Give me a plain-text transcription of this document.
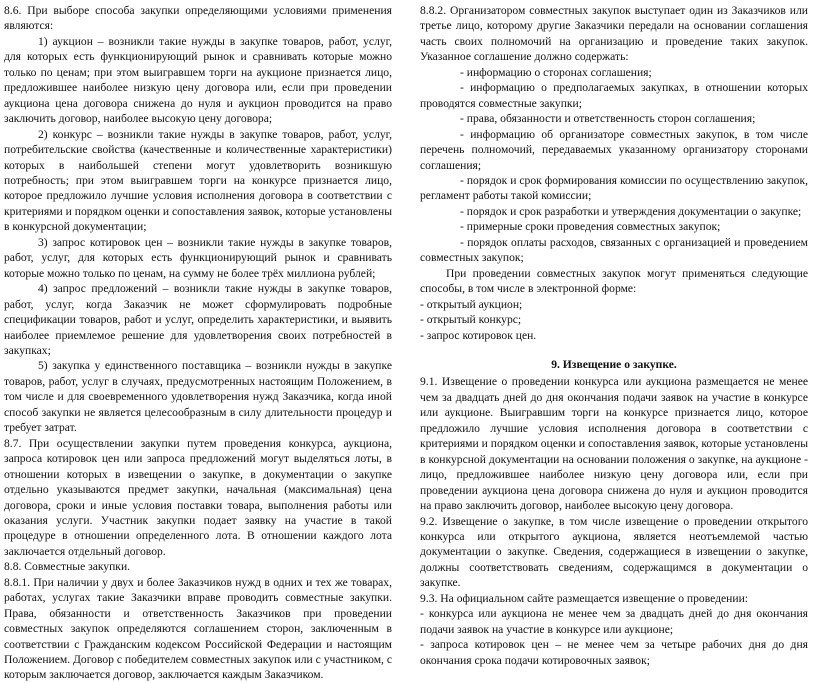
8.6. При выборе способа закупки определяющими условиями применения являются:

1) аукцион – возникли такие нужды в закупке товаров, работ, услуг, для которых есть функционирующий рынок и сравнивать которые можно только по ценам; при этом выигравшем торги на аукционе признается лицо, предложившее наиболее низкую цену договора или, если при проведении аукциона цена договора снижена до нуля и аукцион проводится на право заключить договор, наиболее высокую цену договора;

2) конкурс – возникли такие нужды в закупке товаров, работ, услуг, потребительские свойства (качественные и количественные характеристики) которых в наибольшей степени могут удовлетворить возникшую потребность; при этом выигравшем торги на конкурсе признается лицо, которое предложило лучшие условия исполнения договора в соответствии с критериями и порядком оценки и сопоставления заявок, которые установлены в конкурсной документации;

3) запрос котировок цен – возникли такие нужды в закупке товаров, работ, услуг, для которых есть функционирующий рынок и сравнивать которые можно только по ценам, на сумму не более трёх миллиона рублей;

4) запрос предложений – возникли такие нужды в закупке товаров, работ, услуг, когда Заказчик не может сформулировать подробные спецификации товаров, работ и услуг, определить характеристики, и выявить наиболее приемлемое решение для удовлетворения своих потребностей в закупках;

5) закупка у единственного поставщика – возникли нужды в закупке товаров, работ, услуг в случаях, предусмотренных настоящим Положением, в том числе и для своевременного удовлетворения нужд Заказчика, когда иной способ закупки не является целесообразным в силу длительности процедур и требует затрат.

8.7. При осуществлении закупки путем проведения конкурса, аукциона, запроса котировок цен или запроса предложений могут выделяться лоты, в отношении которых в извещении о закупке, в документации о закупке отдельно указываются предмет закупки, начальная (максимальная) цена договора, сроки и иные условия поставки товара, выполнения работы или оказания услуги. Участник закупки подает заявку на участие в такой процедуре в отношении определенного лота. В отношении каждого лота заключается отдельный договор.

8.8. Совместные закупки.

8.8.1. При наличии у двух и более Заказчиков нужд в одних и тех же товарах, работах, услугах такие Заказчики вправе проводить совместные закупки. Права, обязанности и ответственность Заказчиков при проведении совместных закупок определяются соглашением сторон, заключенным в соответствии с Гражданским кодексом Российской Федерации и настоящим Положением. Договор с победителем совместных закупок или с участником, с которым заключается договор, заключается каждым Заказчиком.

8.8.2. Организатором совместных закупок выступает один из Заказчиков или третье лицо, которому другие Заказчики передали на основании соглашения часть своих полномочий на организацию и проведение таких закупок. Указанное соглашение должно содержать:

- информацию о сторонах соглашения;

- информацию о предполагаемых закупках, в отношении которых проводятся совместные закупки;

- права, обязанности и ответственность сторон соглашения;

- информацию об организаторе совместных закупок, в том числе перечень полномочий, передаваемых указанному организатору сторонами соглашения;

- порядок и срок формирования комиссии по осуществлению закупок, регламент работы такой комиссии;

- порядок и срок разработки и утверждения документации о закупке;

- примерные сроки проведения совместных закупок;

- порядок оплаты расходов, связанных с организацией и проведением совместных закупок;

При проведении совместных закупок могут применяться следующие способы, в том числе в электронной форме:

- открытый аукцион;

- открытый конкурс;

- запрос котировок цен.

9. Извещение о закупке.

9.1. Извещение о проведении конкурса или аукциона размещается не менее чем за двадцать дней до дня окончания подачи заявок на участие в конкурсе или аукционе. Выигравшим торги на конкурсе признается лицо, которое предложило лучшие условия исполнения договора в соответствии с критериями и порядком оценки и сопоставления заявок, которые установлены в конкурсной документации на основании положения о закупке, на аукционе - лицо, предложившее наиболее низкую цену договора или, если при проведении аукциона цена договора снижена до нуля и аукцион проводится на право заключить договор, наиболее высокую цену договора.

9.2. Извещение о закупке, в том числе извещение о проведении открытого конкурса или открытого аукциона, является неотъемлемой частью документации о закупке. Сведения, содержащиеся в извещении о закупке, должны соответствовать сведениям, содержащимся в документации о закупке.

9.3. На официальном сайте размещается извещение о проведении:

- конкурса или аукциона не менее чем за двадцать дней до дня окончания подачи заявок на участие в конкурсе или аукционе;

- запроса котировок цен – не менее чем за четыре рабочих дня до дня окончания срока подачи котировочных заявок;
